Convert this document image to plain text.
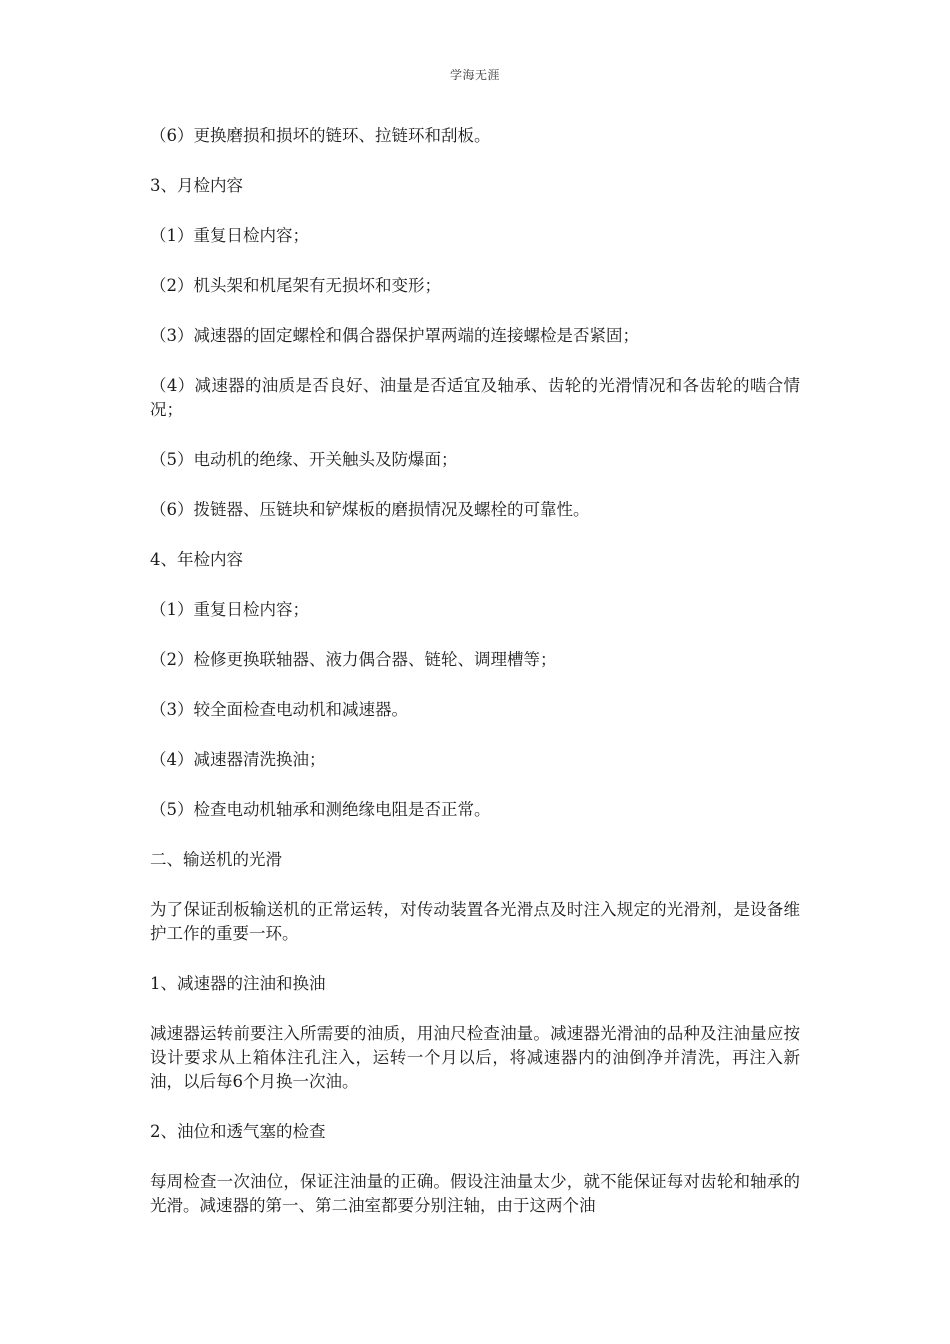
学海无涯

（6）更换磨损和损坏的链环、拉链环和刮板。

3、月检内容

（1）重复日检内容；

（2）机头架和机尾架有无损坏和变形；

（3）减速器的固定螺栓和偶合器保护罩两端的连接螺检是否紧固；

（4）减速器的油质是否良好、油量是否适宜及轴承、齿轮的光滑情况和各齿轮的啮合情况；

（5）电动机的绝缘、开关触头及防爆面；

（6）拨链器、压链块和铲煤板的磨损情况及螺栓的可靠性。

4、年检内容

（1）重复日检内容；

（2）检修更换联轴器、液力偶合器、链轮、调理槽等；

（3）较全面检查电动机和减速器。

（4）减速器清洗换油；

（5）检查电动机轴承和测绝缘电阻是否正常。

二、输送机的光滑

为了保证刮板输送机的正常运转，对传动装置各光滑点及时注入规定的光滑剂，是设备维护工作的重要一环。

1、减速器的注油和换油

减速器运转前要注入所需要的油质，用油尺检查油量。减速器光滑油的品种及注油量应按设计要求从上箱体注孔注入，运转一个月以后，将减速器内的油倒净并清洗，再注入新油，以后每6个月换一次油。

2、油位和透气塞的检查

每周检查一次油位，保证注油量的正确。假设注油量太少，就不能保证每对齿轮和轴承的光滑。减速器的第一、第二油室都要分别注轴，由于这两个油
